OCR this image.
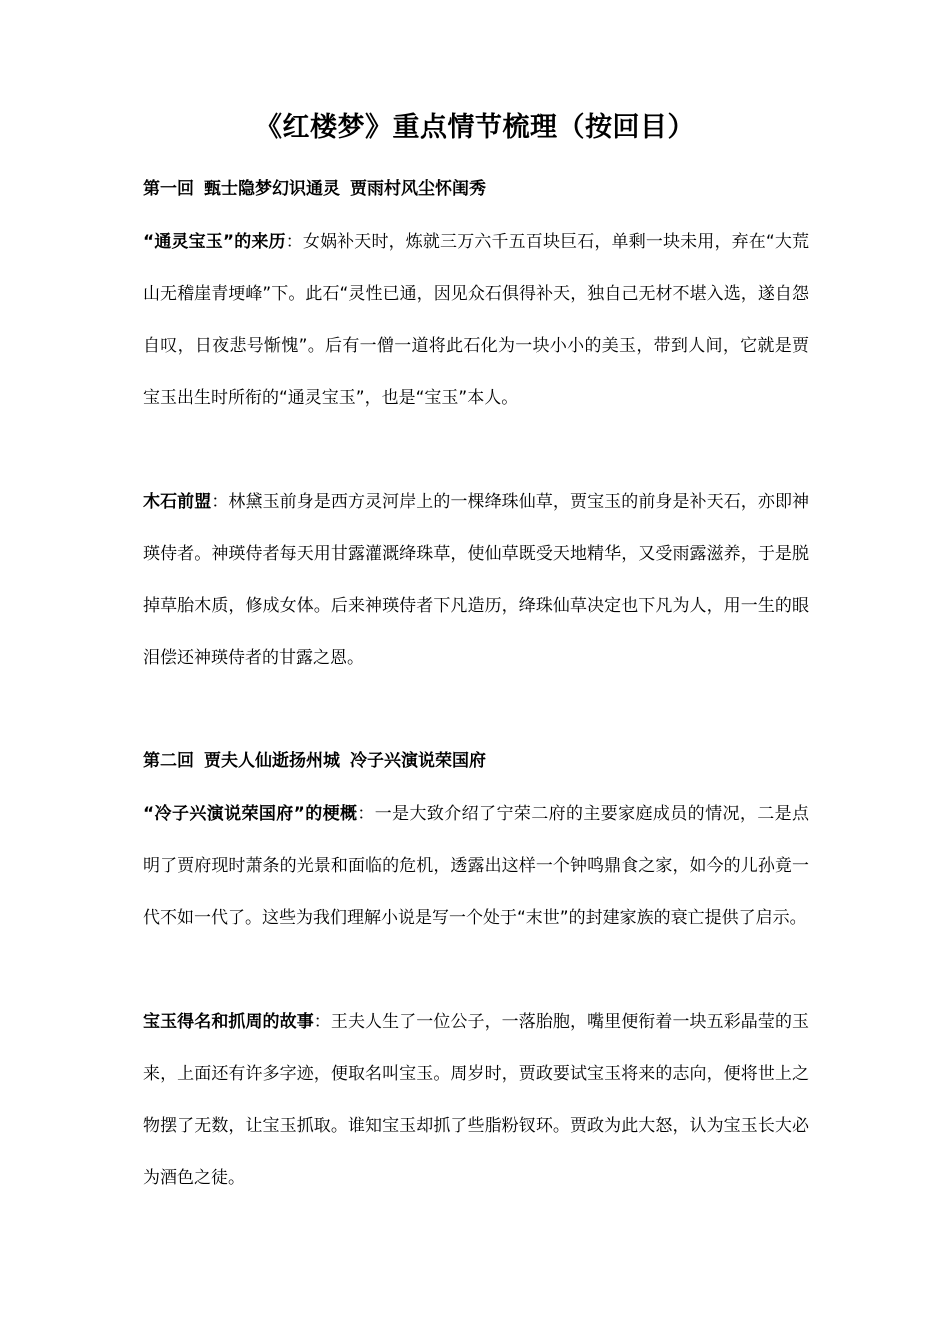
《红楼梦》重点情节梳理（按回目）
第一回 甄士隐梦幻识通灵 贾雨村风尘怀闺秀

“通灵宝玉”的来历：女娲补天时，炼就三万六千五百块巨石，单剩一块未用，弃在“大荒山无稽崖青埂峰”下。此石“灵性已通，因见众石俱得补天，独自己无材不堪入选，遂自怨自叹，日夜悲号惭愧”。后有一僧一道将此石化为一块小小的美玉，带到人间，它就是贾宝玉出生时所衔的“通灵宝玉”，也是“宝玉”本人。

木石前盟：林黛玉前身是西方灵河岸上的一棵绛珠仙草，贾宝玉的前身是补天石，亦即神瑛侍者。神瑛侍者每天用甘露灌溉绛珠草，使仙草既受天地精华，又受雨露滋养，于是脱掉草胎木质，修成女体。后来神瑛侍者下凡造历，绛珠仙草决定也下凡为人，用一生的眼泪偿还神瑛侍者的甘露之恩。

第二回 贾夫人仙逝扬州城 冷子兴演说荣国府

“冷子兴演说荣国府”的梗概：一是大致介绍了宁荣二府的主要家庭成员的情况，二是点明了贾府现时萧条的光景和面临的危机，透露出这样一个钟鸣鼎食之家，如今的儿孙竟一代不如一代了。这些为我们理解小说是写一个处于“末世”的封建家族的衰亡提供了启示。

宝玉得名和抓周的故事：王夫人生了一位公子，一落胎胞，嘴里便衔着一块五彩晶莹的玉来，上面还有许多字迹，便取名叫宝玉。周岁时，贾政要试宝玉将来的志向，便将世上之物摆了无数，让宝玉抓取。谁知宝玉却抓了些脂粉钗环。贾政为此大怒，认为宝玉长大必为酒色之徒。
